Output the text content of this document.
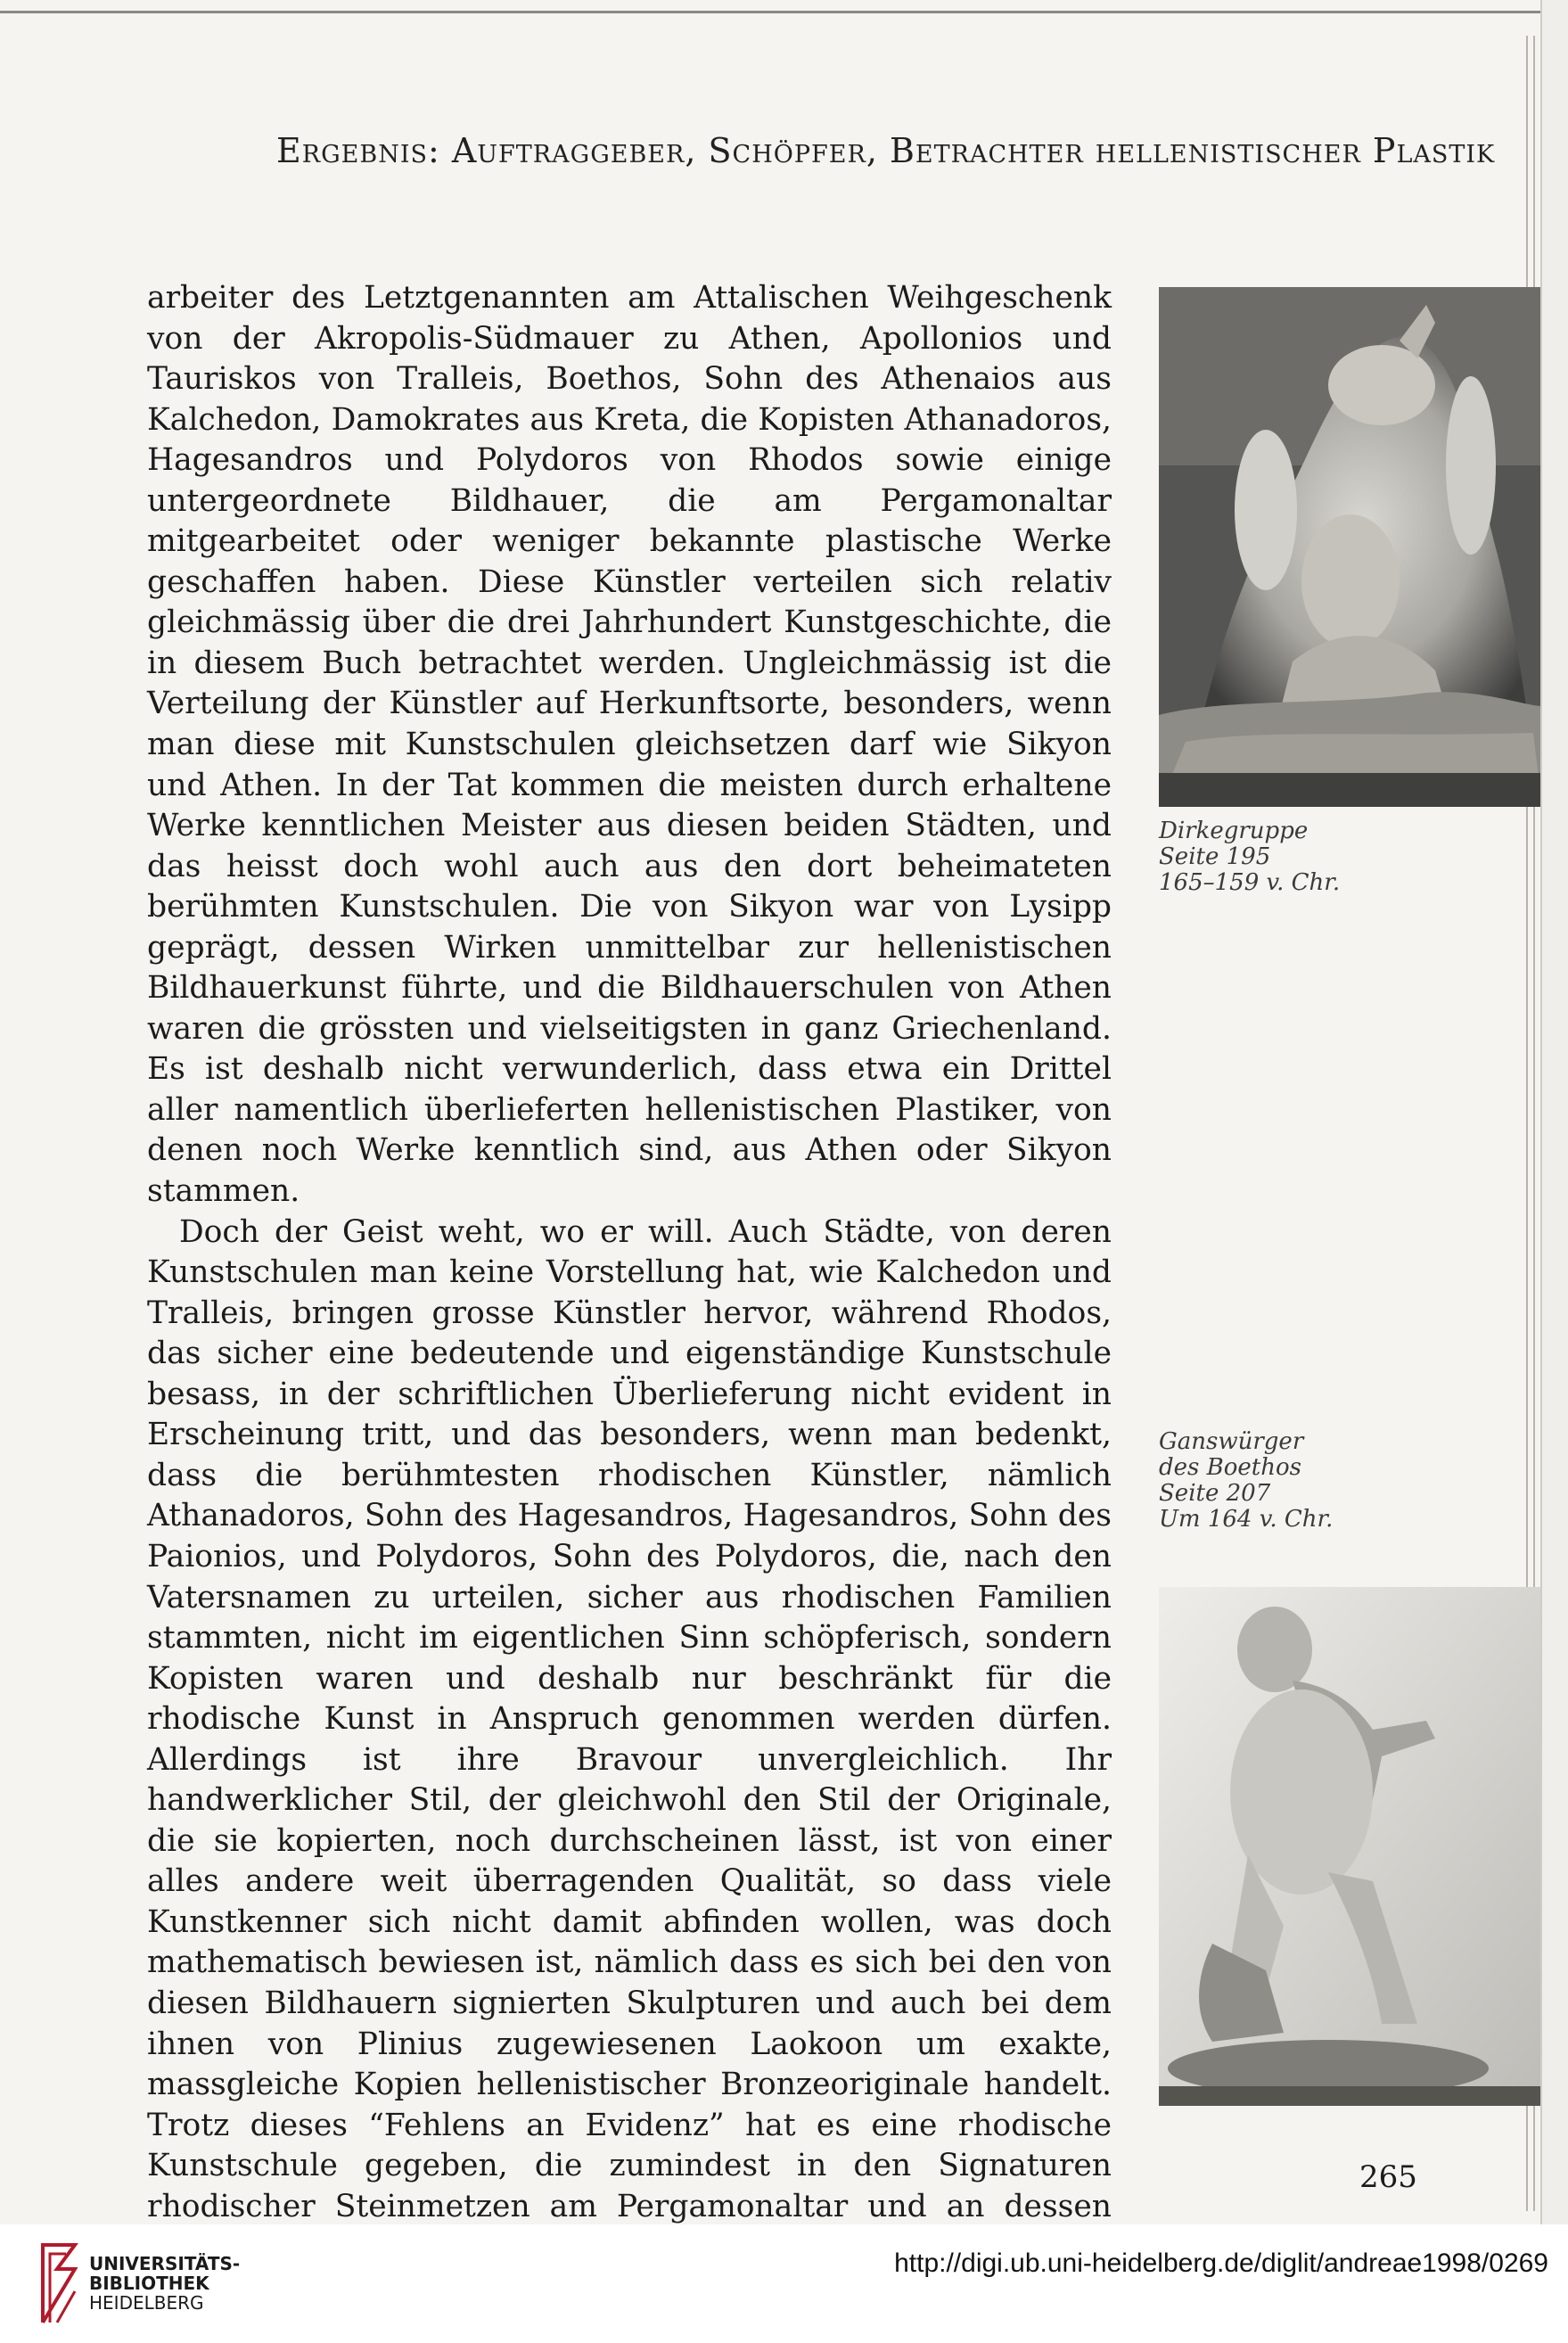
Ergebnis: Auftraggeber, Schöpfer, Betrachter hellenistischer Plastik

arbeiter des Letztgenannten am Attalischen Weihgeschenk von der Akropolis-Südmauer zu Athen, Apollonios und Tauriskos von Tralleis, Boethos, Sohn des Athenaios aus Kalchedon, Damokrates aus Kreta, die Kopisten Athanadoros, Hagesandros und Polydoros von Rhodos sowie einige untergeordnete Bildhauer, die am Pergamonaltar mitgearbeitet oder weniger bekannte plastische Werke geschaffen haben. Diese Künstler verteilen sich relativ gleichmässig über die drei Jahrhundert Kunstgeschichte, die in diesem Buch betrachtet werden. Ungleichmässig ist die Verteilung der Künstler auf Herkunftsorte, besonders, wenn man diese mit Kunstschulen gleichsetzen darf wie Sikyon und Athen. In der Tat kommen die meisten durch erhaltene Werke kenntlichen Meister aus diesen beiden Städten, und das heisst doch wohl auch aus den dort beheimateten berühmten Kunstschulen. Die von Sikyon war von Lysipp geprägt, dessen Wirken unmittelbar zur hellenistischen Bildhauerkunst führte, und die Bildhauerschulen von Athen waren die grössten und vielseitigsten in ganz Griechenland. Es ist deshalb nicht verwunderlich, dass etwa ein Drittel aller namentlich überlieferten hellenistischen Plastiker, von denen noch Werke kenntlich sind, aus Athen oder Sikyon stammen.

Doch der Geist weht, wo er will. Auch Städte, von deren Kunstschulen man keine Vorstellung hat, wie Kalchedon und Tralleis, bringen grosse Künstler hervor, während Rhodos, das sicher eine bedeutende und eigenständige Kunstschule besass, in der schriftlichen Überlieferung nicht evident in Erscheinung tritt, und das besonders, wenn man bedenkt, dass die berühmtesten rhodischen Künstler, nämlich Athanadoros, Sohn des Hagesandros, Hagesandros, Sohn des Paionios, und Polydoros, Sohn des Polydoros, die, nach den Vatersnamen zu urteilen, sicher aus rhodischen Familien stammten, nicht im eigentlichen Sinn schöpferisch, sondern Kopisten waren und deshalb nur beschränkt für die rhodische Kunst in Anspruch genommen werden dürfen. Allerdings ist ihre Bravour unvergleichlich. Ihr handwerklicher Stil, der gleichwohl den Stil der Originale, die sie kopierten, noch durchscheinen lässt, ist von einer alles andere weit überragenden Qualität, so dass viele Kunstkenner sich nicht damit abfinden wollen, was doch mathematisch bewiesen ist, nämlich dass es sich bei den von diesen Bildhauern signierten Skulpturen und auch bei dem ihnen von Plinius zugewiesenen Laokoon um exakte, massgleiche Kopien hellenistischer Bronzeoriginale handelt. Trotz dieses “Fehlens an Evidenz” hat es eine rhodische Kunstschule gegeben, die zumindest in den Signaturen rhodischer Steinmetzen am Pergamonaltar und an dessen

Dirkegruppe
Seite 195
165–159 v. Chr.
Ganswürger
des Boethos
Seite 207
Um 164 v. Chr.
265
UNIVERSITÄTS-
BIBLIOTHEK
HEIDELBERG
http://digi.ub.uni-heidelberg.de/diglit/andreae1998/0269
